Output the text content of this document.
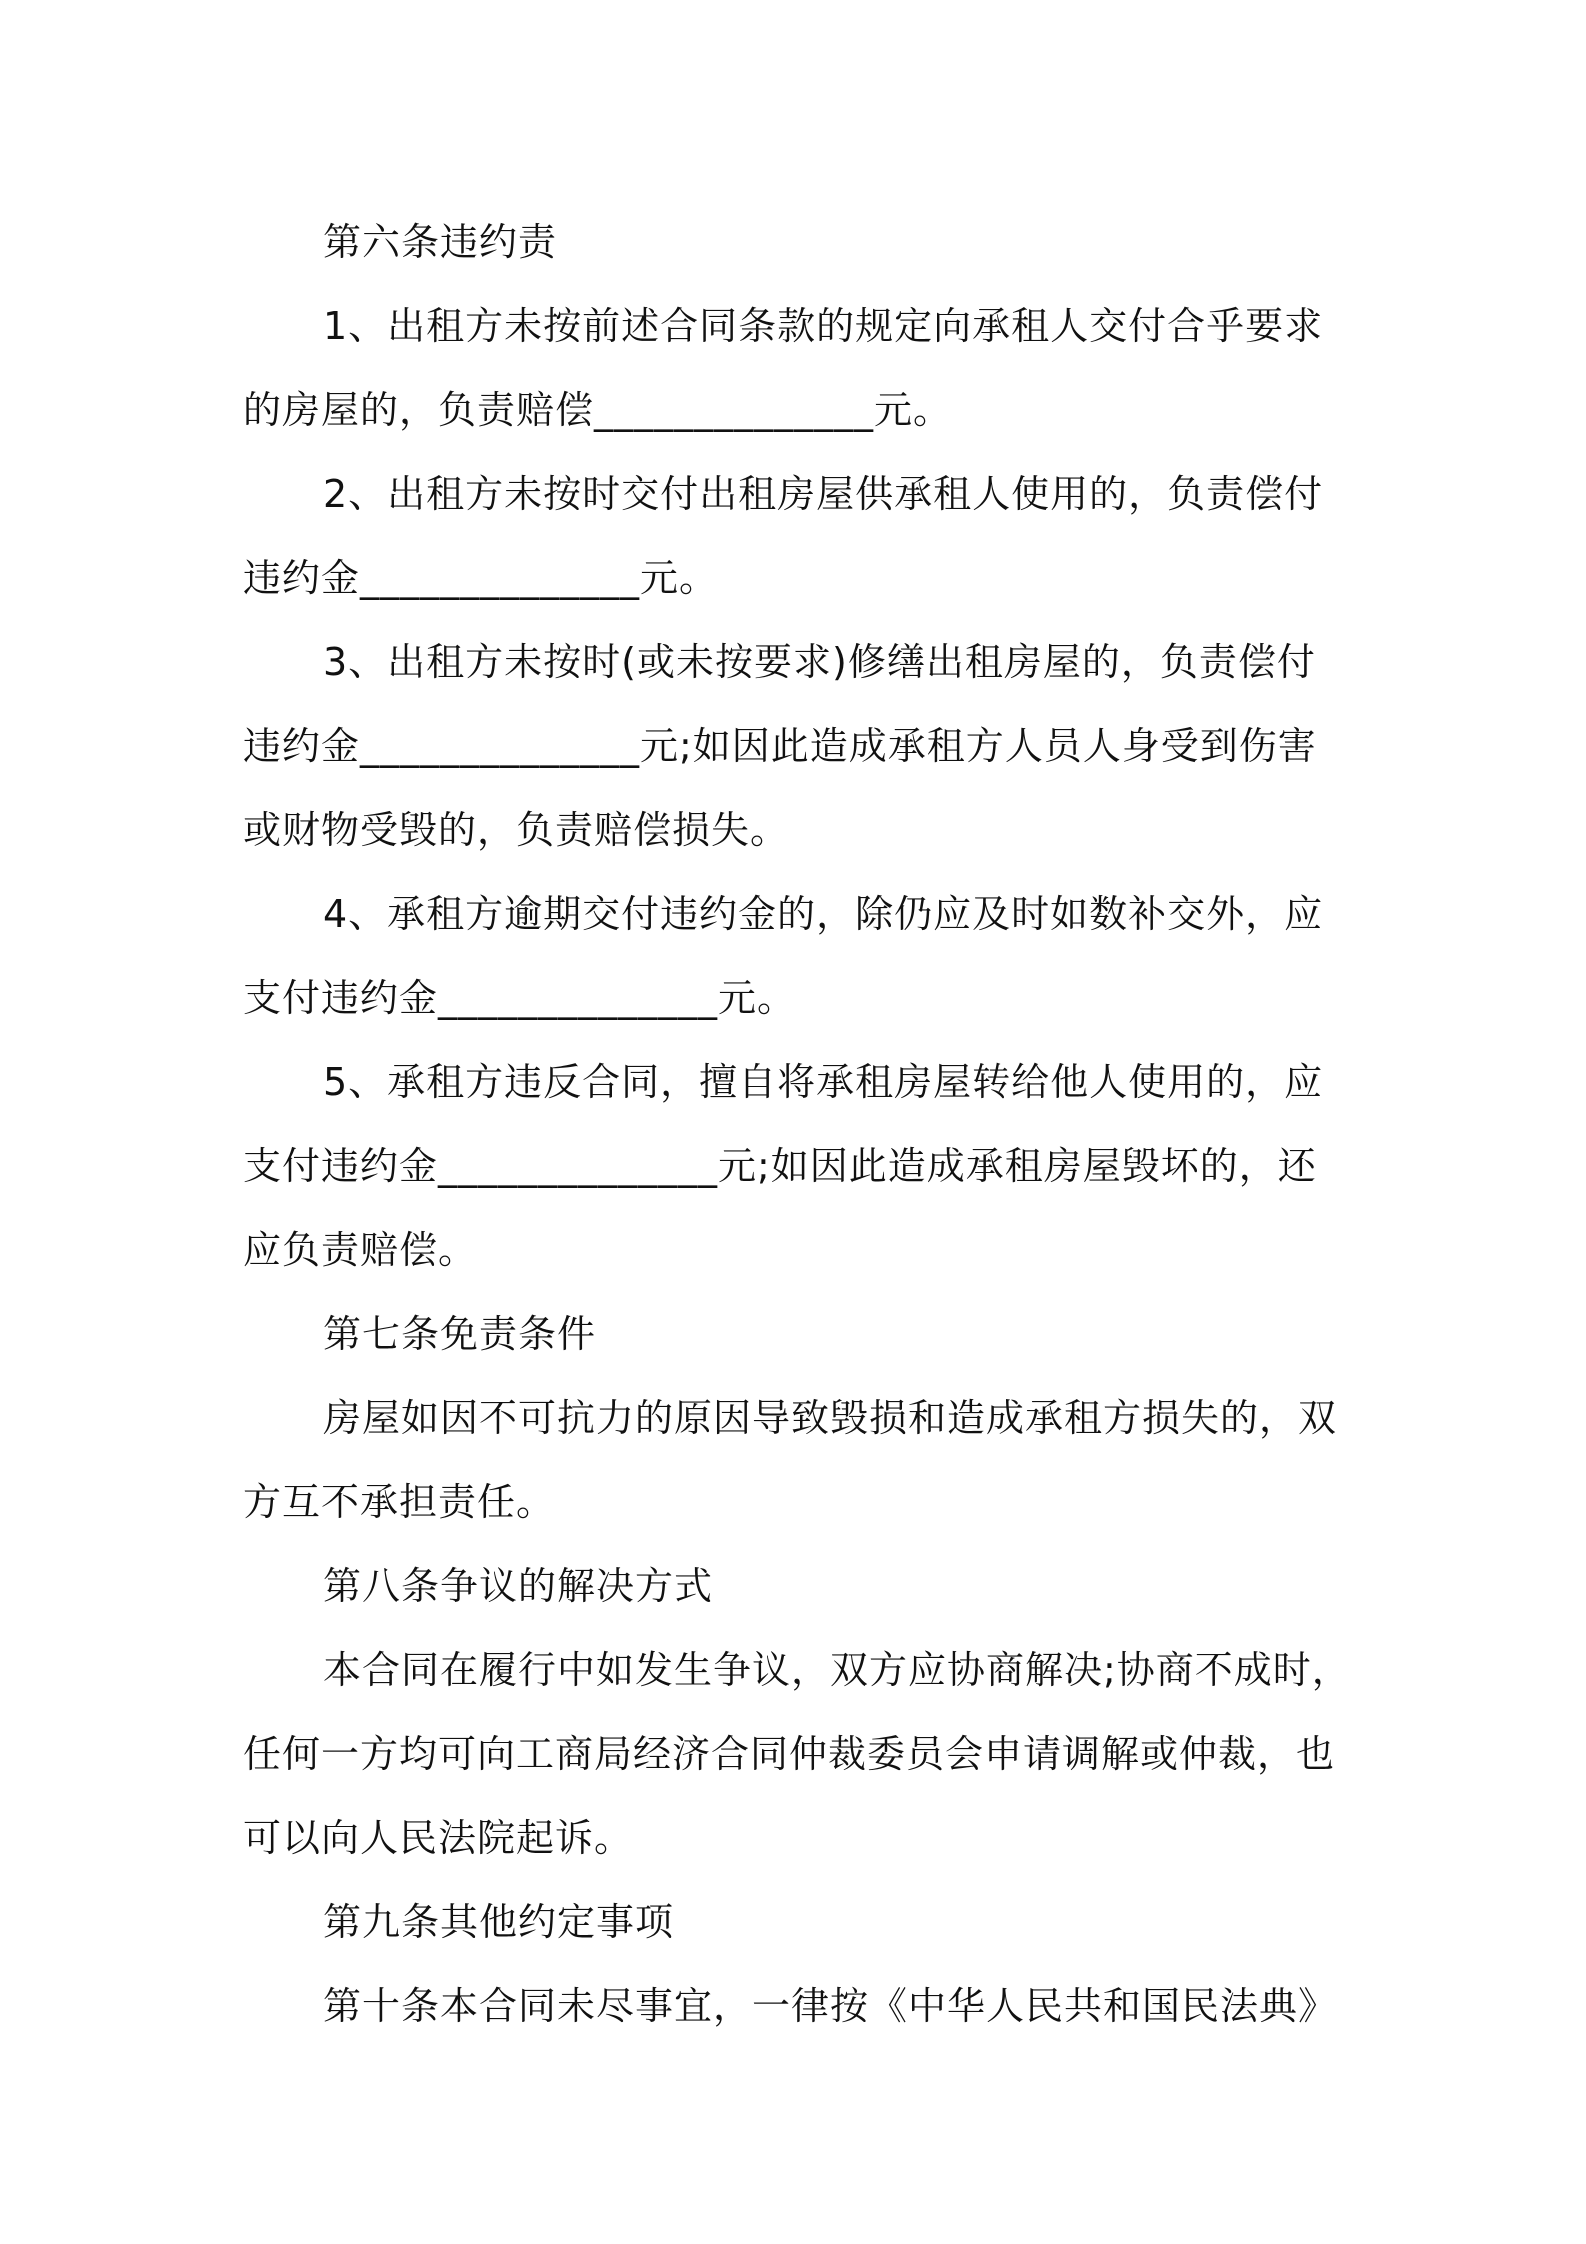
第六条违约责
1、出租方未按前述合同条款的规定向承租人交付合乎要求
的房屋的，负责赔偿______________元。
2、出租方未按时交付出租房屋供承租人使用的，负责偿付
违约金______________元。
3、出租方未按时(或未按要求)修缮出租房屋的，负责偿付
违约金______________元;如因此造成承租方人员人身受到伤害
或财物受毁的，负责赔偿损失。
4、承租方逾期交付违约金的，除仍应及时如数补交外，应
支付违约金______________元。
5、承租方违反合同，擅自将承租房屋转给他人使用的，应
支付违约金______________元;如因此造成承租房屋毁坏的，还
应负责赔偿。
第七条免责条件
房屋如因不可抗力的原因导致毁损和造成承租方损失的，双
方互不承担责任。
第八条争议的解决方式
本合同在履行中如发生争议，双方应协商解决;协商不成时，
任何一方均可向工商局经济合同仲裁委员会申请调解或仲裁，也
可以向人民法院起诉。
第九条其他约定事项
第十条本合同未尽事宜，一律按《中华人民共和国民法典》
